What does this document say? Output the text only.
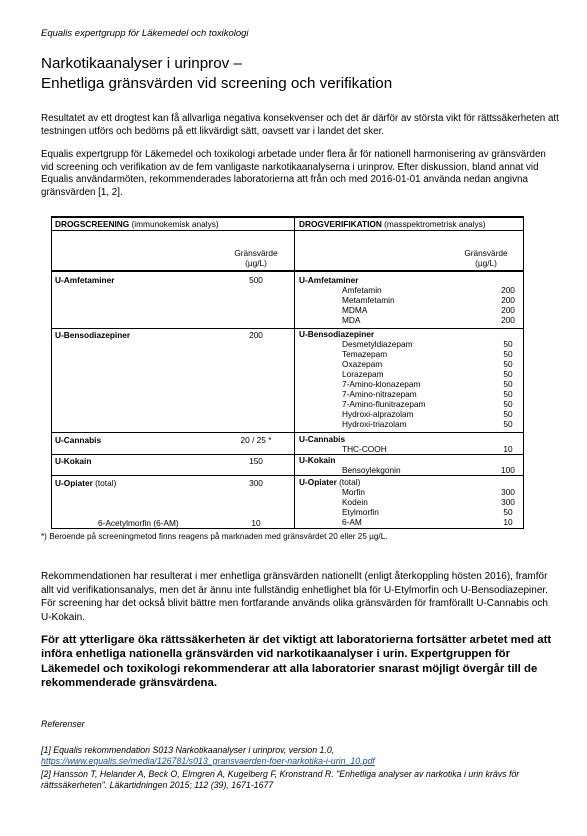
Equalis expertgrupp för Läkemedel och toxikologi
Narkotikaanalyser i urinprov –
Enhetliga gränsvärden vid screening och verifikation
Resultatet av ett drogtest kan få allvarliga negativa konsekvenser och det är därför av största vikt för rättssäkerheten att testningen utförs och bedöms på ett likvärdigt sätt, oavsett var i landet det sker.
Equalis expertgrupp för Läkemedel och toxikologi arbetade under flera år för nationell harmonisering av gränsvärden vid screening och verifikation av de fem vanligaste narkotikaanalyserna i urinprov. Efter diskussion, bland annat vid Equalis användarmöten, rekommenderades laboratorierna att från och med 2016-01-01 använda nedan angivna gränsvärden [1, 2].
DROGSCREENING (immunokemisk analys)	DROGVERIFIKATION (masspektrometrisk analys)
Gränsvärde
(µg/L)
Gränsvärde
(µg/L)
U-Amfetaminer	500
U-Bensodiazepiner	200
U-Cannabis	20 / 25 *
U-Kokain	150
U-Opiater (total)	300
6-Acetylmorfin (6-AM)	10
U-Amfetaminer
Amfetamin	200
Metamfetamin	200
MDMA	200
MDA	200
U-Bensodiazepiner
Desmetyldiazepam	50
Temazepam	50
Oxazepam	50
Lorazepam	50
7-Amino-klonazepam	50
7-Amino-nitrazepam	50
7-Amino-flunitrazepam	50
Hydroxi-alprazolam	50
Hydroxi-triazolam	50
U-Cannabis
THC-COOH	10
U-Kokain
Bensoylekgonin	100
U-Opiater (total)
Morfin	300
Kodein	300
Etylmorfin	50
6-AM	10
*) Beroende på screeningmetod finns reagens på marknaden med gränsvärdet 20 eller 25 µg/L.
Rekommendationen har resulterat i mer enhetliga gränsvärden nationellt (enligt återkoppling hösten 2016), framför allt vid verifikationsanalys, men det är ännu inte fullständig enhetlighet bla för U-Etylmorfin och U-Bensodiazepiner. För screening har det också blivit bättre men fortfarande används olika gränsvärden för framförallt U-Cannabis och U-Kokain.
För att ytterligare öka rättssäkerheten är det viktigt att laboratorierna fortsätter arbetet med att införa enhetliga nationella gränsvärden vid narkotikaanalyser i urin. Expertgruppen för Läkemedel och toxikologi rekommenderar att alla laboratorier snarast möjligt övergår till de rekommenderade gränsvärdena.
Referenser
[1] Equalis rekommendation S013 Narkotikaanalyser i urinprov, version 1.0,
https://www.equalis.se/media/126781/s013_gransvaerden-foer-narkotika-i-urin_10.pdf
[2] Hansson T, Helander A, Beck O, Elmgren A, Kugelberg F, Kronstrand R. "Enhetliga analyser av narkotika i urin krävs för rättssäkerheten". Läkartidningen 2015; 112 (39), 1671-1677
